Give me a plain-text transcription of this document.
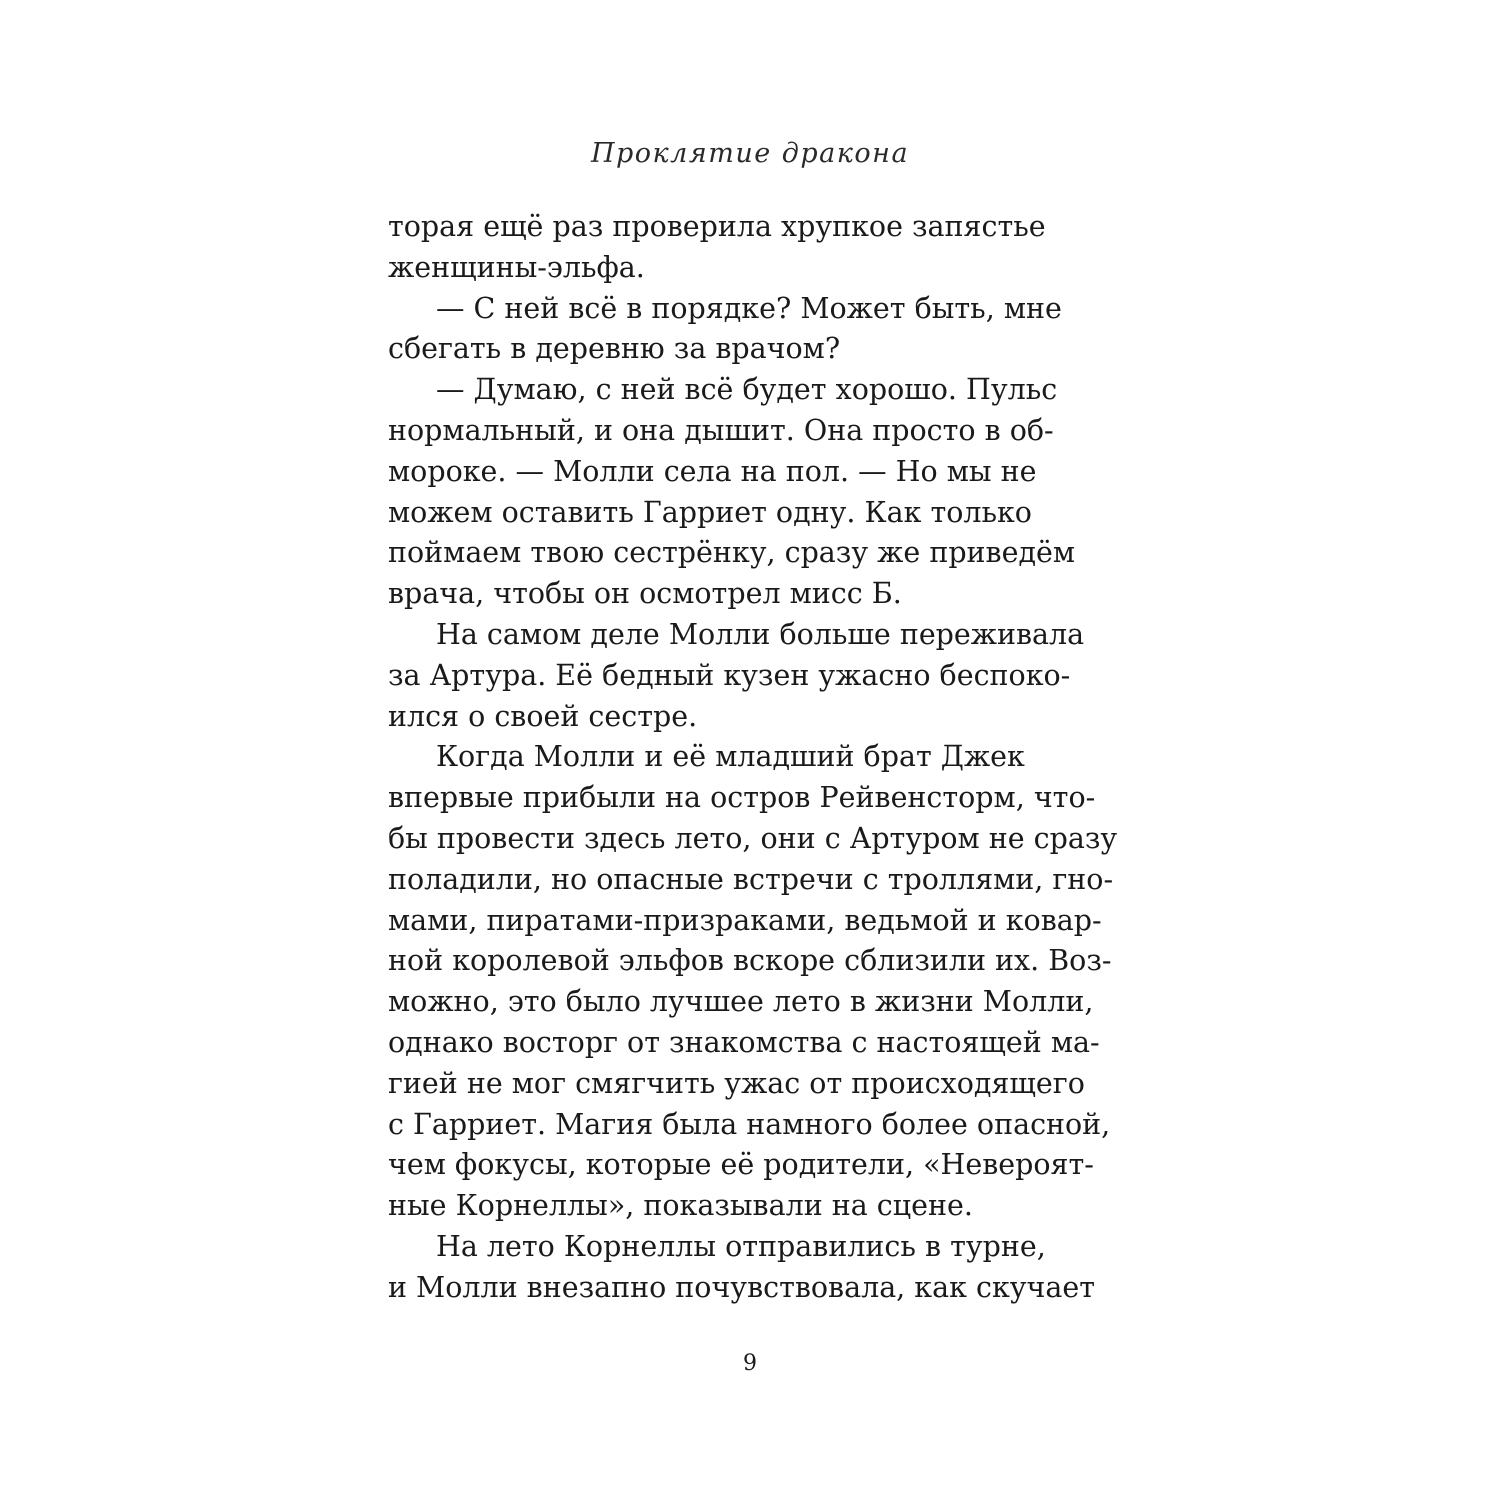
Проклятие дракона
торая ещё раз проверила хрупкое запястье
женщины-эльфа.
— С ней всё в порядке? Может быть, мне
сбегать в деревню за врачом?
— Думаю, с ней всё будет хорошо. Пульс
нормальный, и она дышит. Она просто в об-
мороке. — Молли села на пол. — Но мы не
можем оставить Гарриет одну. Как только
поймаем твою сестрёнку, сразу же приведём
врача, чтобы он осмотрел мисс Б.
На самом деле Молли больше переживала
за Артура. Её бедный кузен ужасно беспоко-
ился о своей сестре.
Когда Молли и её младший брат Джек
впервые прибыли на остров Рейвенсторм, что-
бы провести здесь лето, они с Артуром не сразу
поладили, но опасные встречи с троллями, гно-
мами, пиратами-призраками, ведьмой и ковар-
ной королевой эльфов вскоре сблизили их. Воз-
можно, это было лучшее лето в жизни Молли,
однако восторг от знакомства с настоящей ма-
гией не мог смягчить ужас от происходящего
с Гарриет. Магия была намного более опасной,
чем фокусы, которые её родители, «Невероят-
ные Корнеллы», показывали на сцене.
На лето Корнеллы отправились в турне,
и Молли внезапно почувствовала, как скучает
9
